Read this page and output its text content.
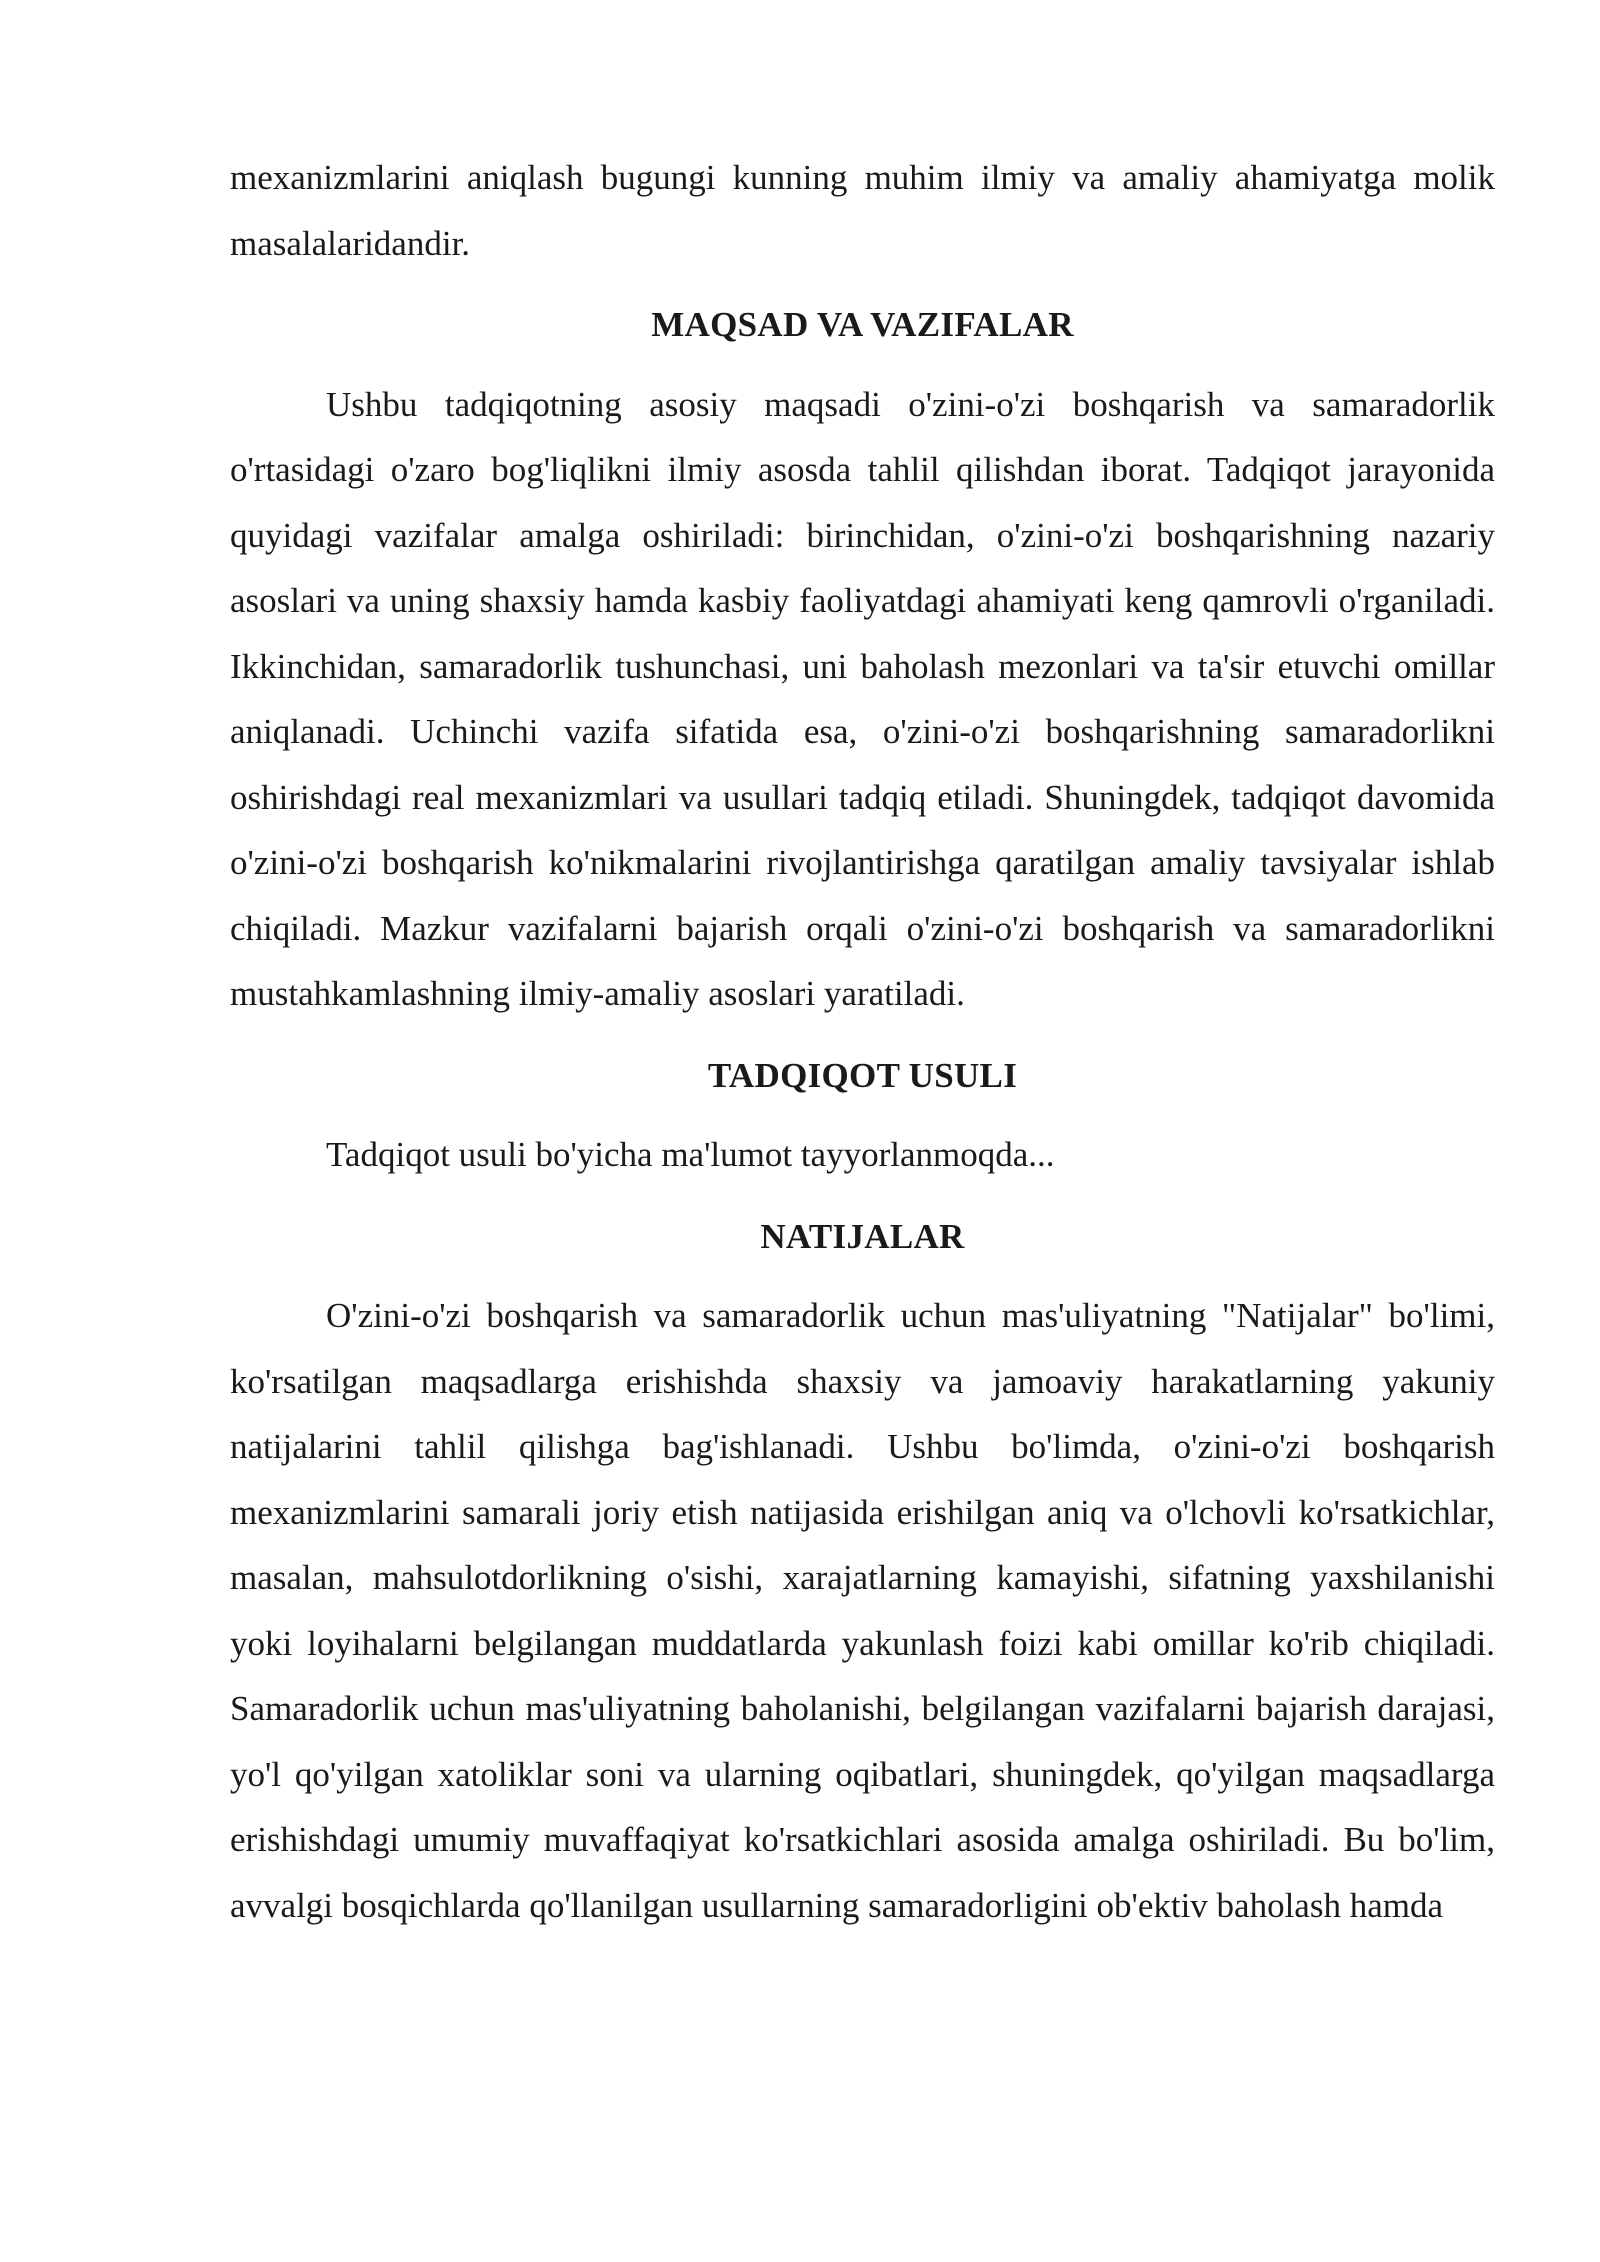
mexanizmlarini aniqlash bugungi kunning muhim ilmiy va amaliy ahamiyatga molik masalalaridandir.

MAQSAD VA VAZIFALAR

Ushbu tadqiqotning asosiy maqsadi o'zini-o'zi boshqarish va samaradorlik o'rtasidagi o'zaro bog'liqlikni ilmiy asosda tahlil qilishdan iborat. Tadqiqot jarayonida quyidagi vazifalar amalga oshiriladi: birinchidan, o'zini-o'zi boshqarishning nazariy asoslari va uning shaxsiy hamda kasbiy faoliyatdagi ahamiyati keng qamrovli o'rganiladi. Ikkinchidan, samaradorlik tushunchasi, uni baholash mezonlari va ta'sir etuvchi omillar aniqlanadi. Uchinchi vazifa sifatida esa, o'zini-o'zi boshqarishning samaradorlikni oshirishdagi real mexanizmlari va usullari tadqiq etiladi. Shuningdek, tadqiqot davomida o'zini-o'zi boshqarish ko'nikmalarini rivojlantirishga qaratilgan amaliy tavsiyalar ishlab chiqiladi. Mazkur vazifalarni bajarish orqali o'zini-o'zi boshqarish va samaradorlikni mustahkamlashning ilmiy-amaliy asoslari yaratiladi.

TADQIQOT USULI

Tadqiqot usuli bo'yicha ma'lumot tayyorlanmoqda...

NATIJALAR

O'zini-o'zi boshqarish va samaradorlik uchun mas'uliyatning "Natijalar" bo'limi, ko'rsatilgan maqsadlarga erishishda shaxsiy va jamoaviy harakatlarning yakuniy natijalarini tahlil qilishga bag'ishlanadi. Ushbu bo'limda, o'zini-o'zi boshqarish mexanizmlarini samarali joriy etish natijasida erishilgan aniq va o'lchovli ko'rsatkichlar, masalan, mahsulotdorlikning o'sishi, xarajatlarning kamayishi, sifatning yaxshilanishi yoki loyihalarni belgilangan muddatlarda yakunlash foizi kabi omillar ko'rib chiqiladi. Samaradorlik uchun mas'uliyatning baholanishi, belgilangan vazifalarni bajarish darajasi, yo'l qo'yilgan xatoliklar soni va ularning oqibatlari, shuningdek, qo'yilgan maqsadlarga erishishdagi umumiy muvaffaqiyat ko'rsatkichlari asosida amalga oshiriladi. Bu bo'lim, avvalgi bosqichlarda qo'llanilgan usullarning samaradorligini ob'ektiv baholash hamda
